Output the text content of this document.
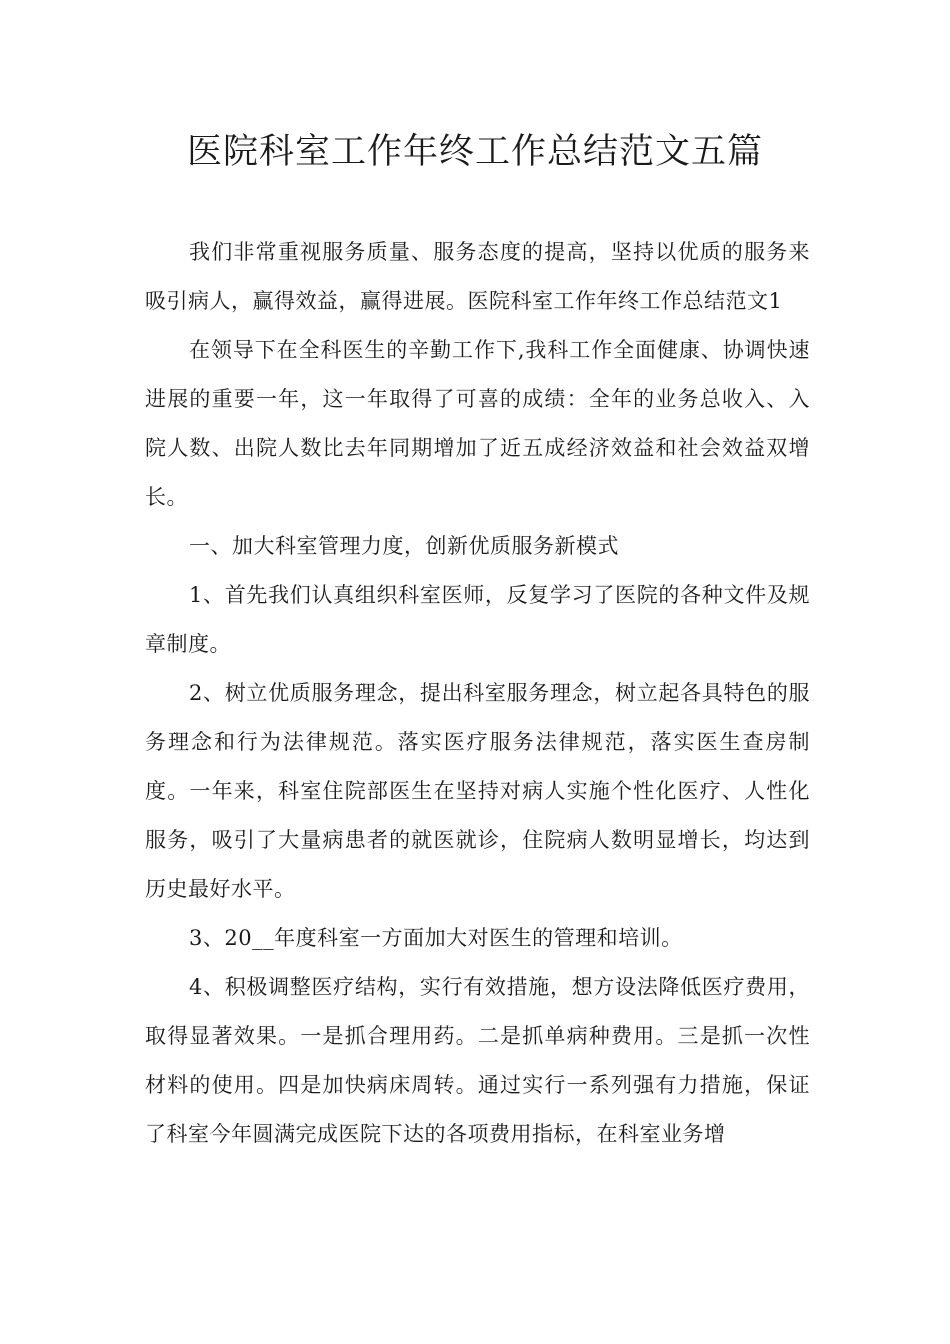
医院科室工作年终工作总结范文五篇

我们非常重视服务质量、服务态度的提高，坚持以优质的服务来吸引病人，赢得效益，赢得进展。医院科室工作年终工作总结范文1

在领导下在全科医生的辛勤工作下,我科工作全面健康、协调快速进展的重要一年，这一年取得了可喜的成绩：全年的业务总收入、入院人数、出院人数比去年同期增加了近五成经济效益和社会效益双增长。

一、加大科室管理力度，创新优质服务新模式

1、首先我们认真组织科室医师，反复学习了医院的各种文件及规章制度。

2、树立优质服务理念，提出科室服务理念，树立起各具特色的服务理念和行为法律规范。落实医疗服务法律规范，落实医生查房制度。一年来，科室住院部医生在坚持对病人实施个性化医疗、人性化服务，吸引了大量病患者的就医就诊，住院病人数明显增长，均达到历史最好水平。

3、20__年度科室一方面加大对医生的管理和培训。

4、积极调整医疗结构，实行有效措施，想方设法降低医疗费用，取得显著效果。一是抓合理用药。二是抓单病种费用。三是抓一次性材料的使用。四是加快病床周转。通过实行一系列强有力措施，保证了科室今年圆满完成医院下达的各项费用指标，在科室业务增
